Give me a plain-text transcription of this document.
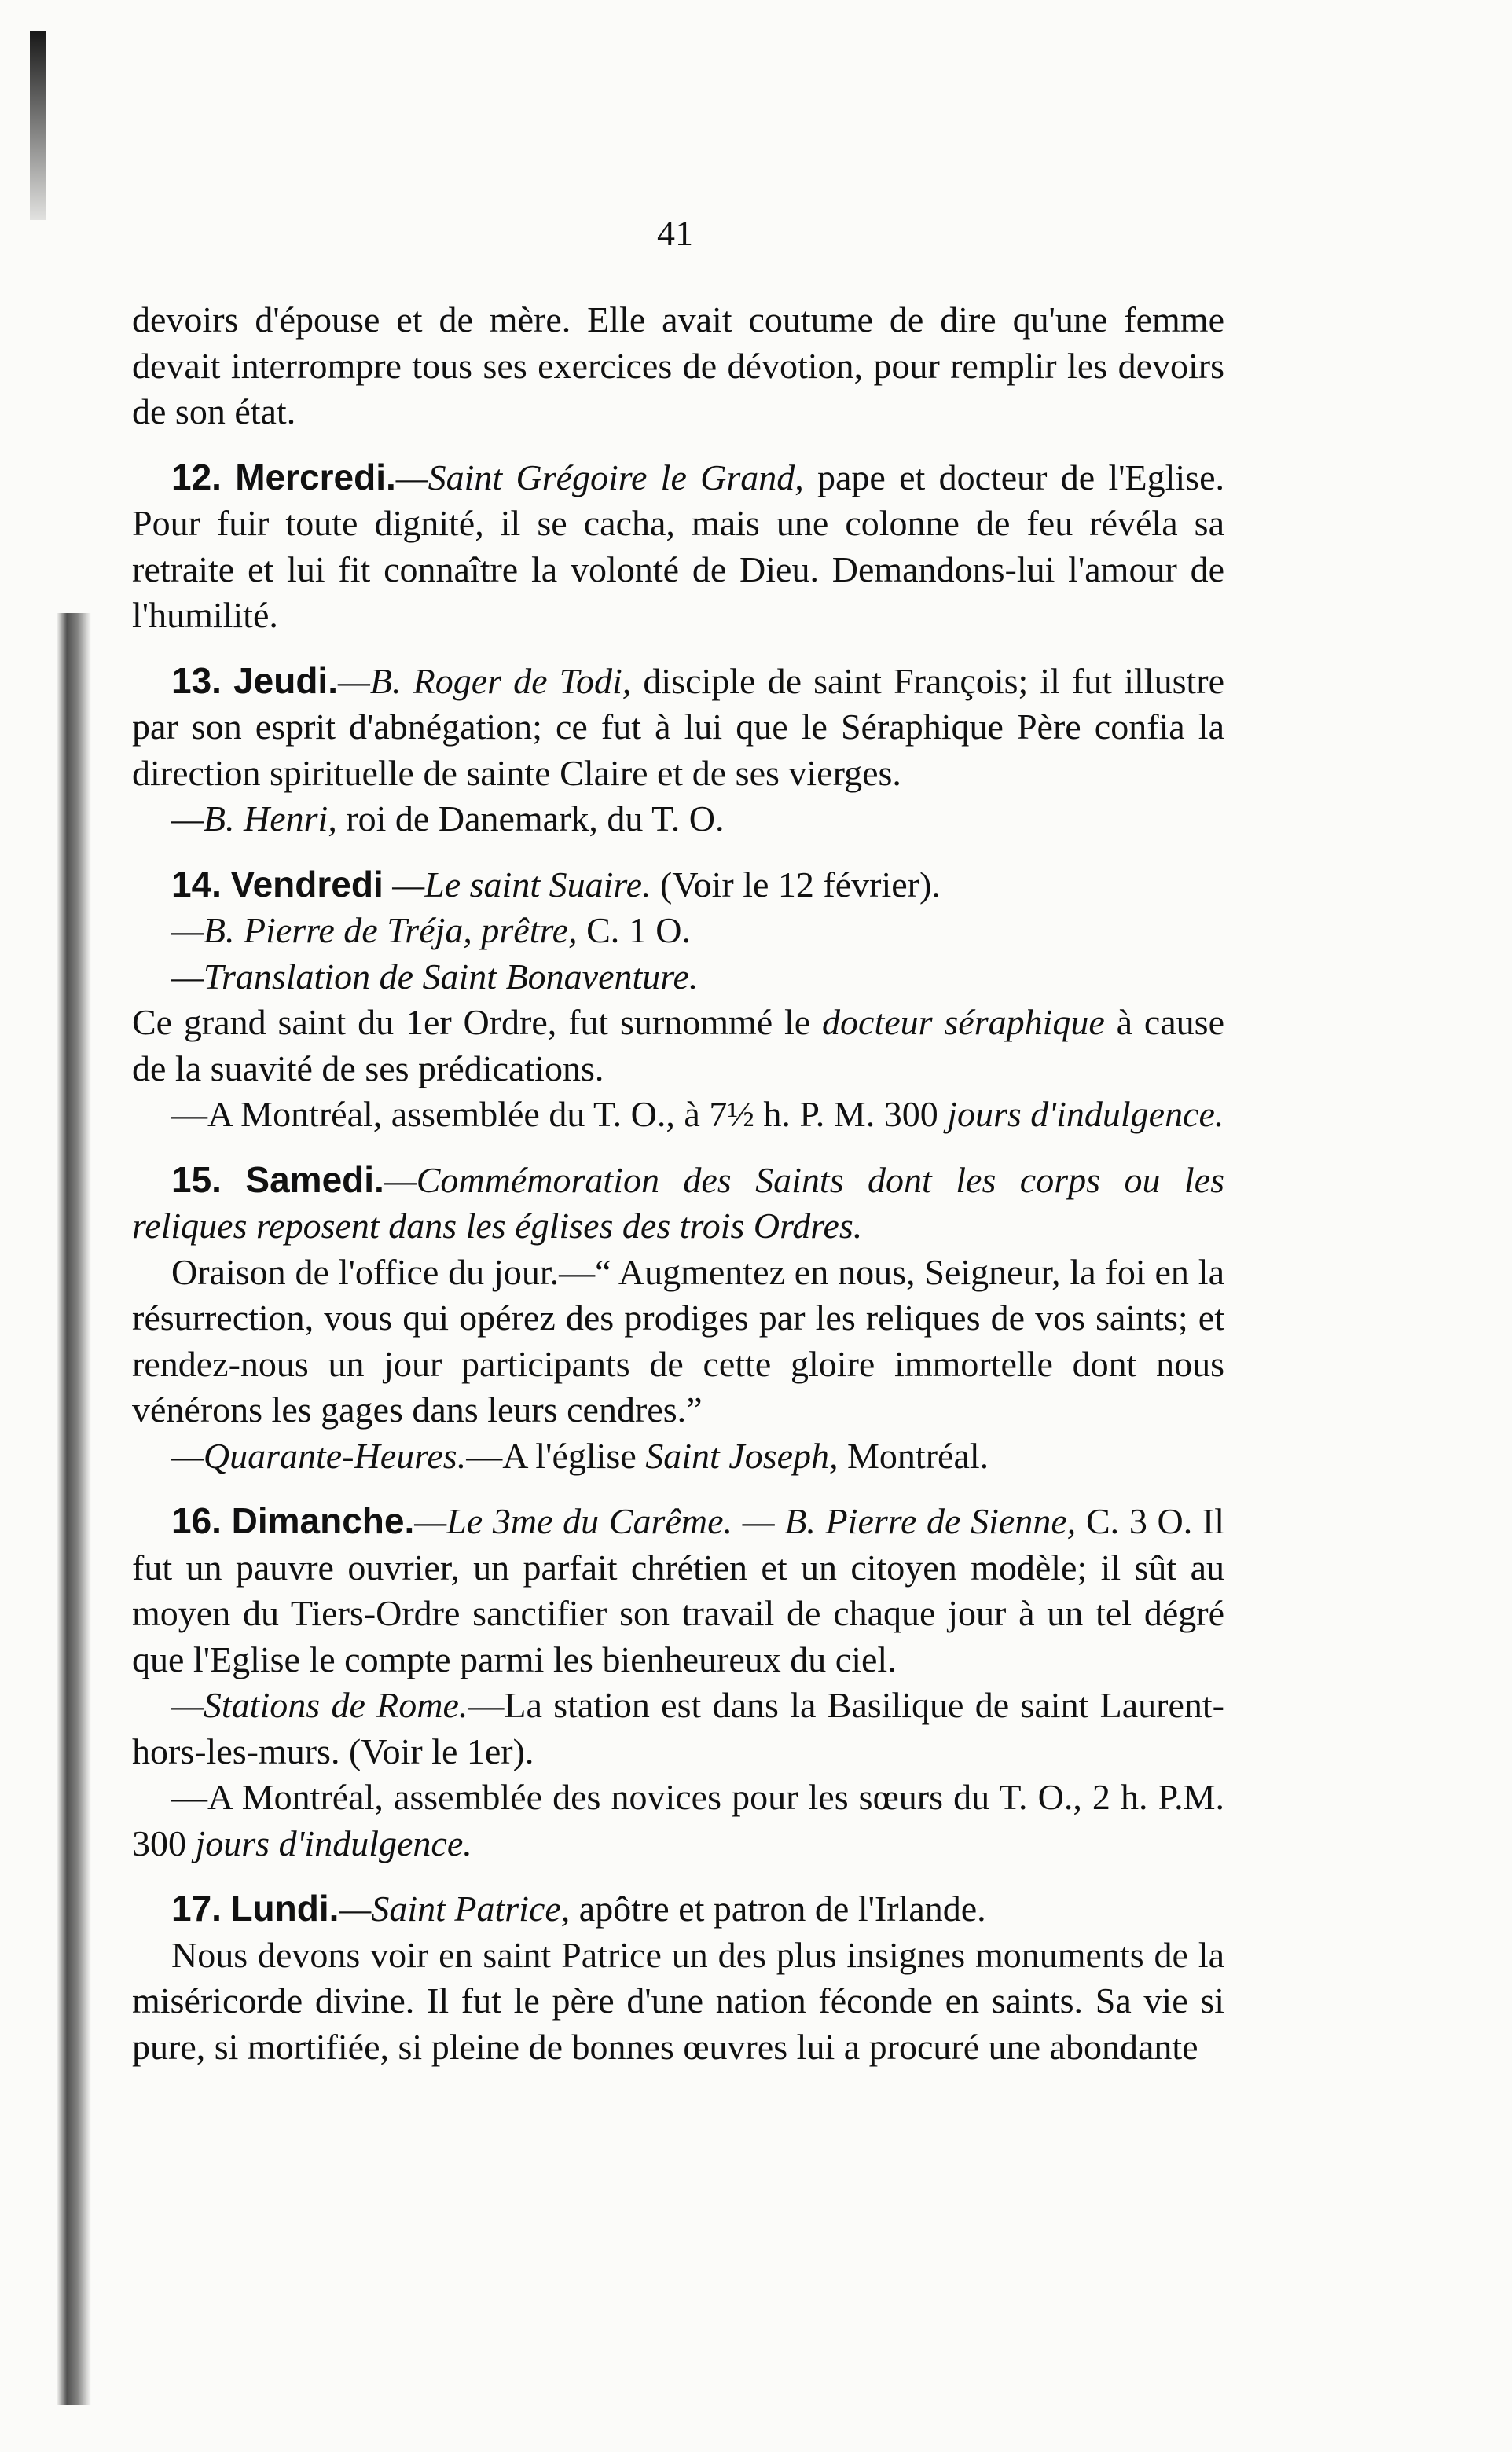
41

devoirs d'épouse et de mère. Elle avait coutume de dire qu'une femme devait interrompre tous ses exercices de dévotion, pour remplir les devoirs de son état.

12. Mercredi.—Saint Grégoire le Grand, pape et docteur de l'Eglise. Pour fuir toute dignité, il se cacha, mais une colonne de feu révéla sa retraite et lui fit connaître la volonté de Dieu. Demandons-lui l'amour de l'humilité.

13. Jeudi.—B. Roger de Todi, disciple de saint François; il fut illustre par son esprit d'abnégation; ce fut à lui que le Séraphique Père confia la direction spirituelle de sainte Claire et de ses vierges.

—B. Henri, roi de Danemark, du T. O.

14. Vendredi —Le saint Suaire. (Voir le 12 février).

—B. Pierre de Tréja, prêtre, C. 1 O.

—Translation de Saint Bonaventure.

Ce grand saint du 1er Ordre, fut surnommé le docteur séraphique à cause de la suavité de ses prédications.

—A Montréal, assemblée du T. O., à 7½ h. P. M. 300 jours d'indulgence.

15. Samedi.—Commémoration des Saints dont les corps ou les reliques reposent dans les églises des trois Ordres.

Oraison de l'office du jour.—“ Augmentez en nous, Seigneur, la foi en la résurrection, vous qui opérez des prodiges par les reliques de vos saints; et rendez-nous un jour participants de cette gloire immortelle dont nous vénérons les gages dans leurs cendres.”

—Quarante-Heures.—A l'église Saint Joseph, Montréal.

16. Dimanche.—Le 3me du Carême. — B. Pierre de Sienne, C. 3 O. Il fut un pauvre ouvrier, un parfait chrétien et un citoyen modèle; il sût au moyen du Tiers-Ordre sanctifier son travail de chaque jour à un tel dégré que l'Eglise le compte parmi les bienheureux du ciel.

—Stations de Rome.—La station est dans la Basilique de saint Laurent-hors-les-murs. (Voir le 1er).

—A Montréal, assemblée des novices pour les sœurs du T. O., 2 h. P.M. 300 jours d'indulgence.

17. Lundi.—Saint Patrice, apôtre et patron de l'Irlande.

Nous devons voir en saint Patrice un des plus insignes monuments de la miséricorde divine. Il fut le père d'une nation féconde en saints. Sa vie si pure, si mortifiée, si pleine de bonnes œuvres lui a procuré une abondante
